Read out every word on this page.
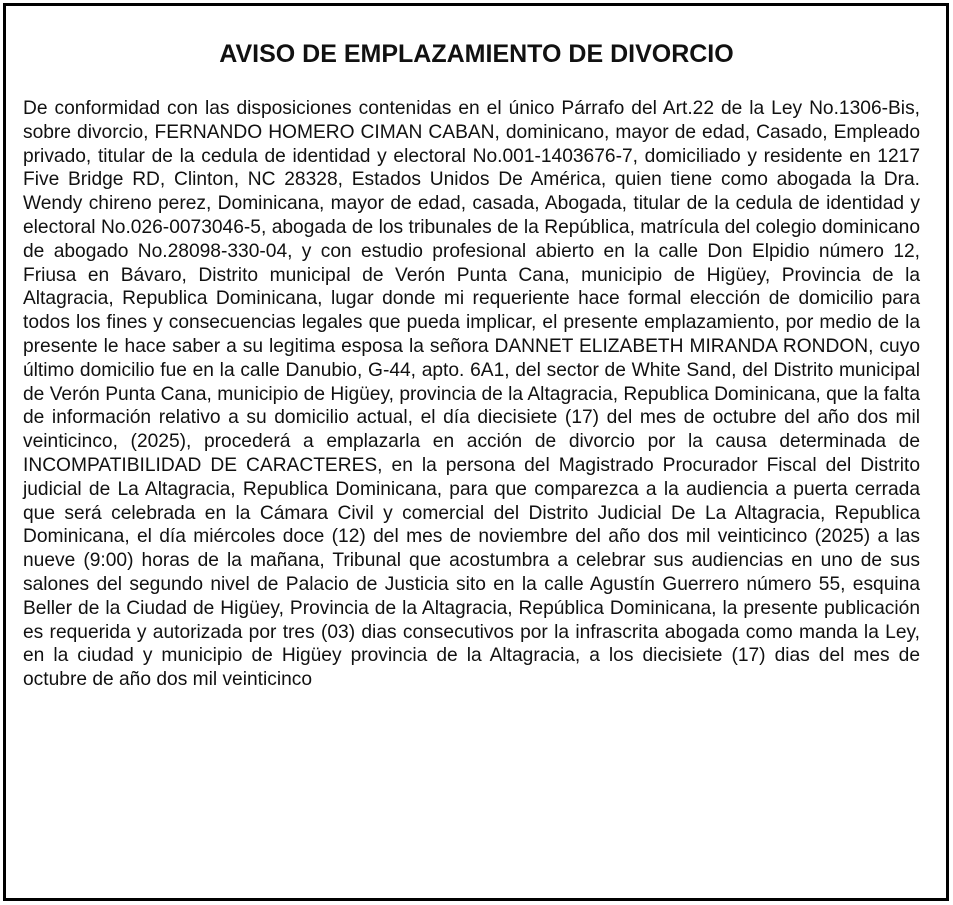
AVISO DE EMPLAZAMIENTO DE DIVORCIO

De conformidad con las disposiciones contenidas en el único Párrafo del Art.22 de la Ley No.1306-Bis, sobre divorcio, FERNANDO HOMERO CIMAN CABAN, dominicano, mayor de edad, Casado, Empleado privado, titular de la cedula de identidad y electoral No.001-1403676-7, domiciliado y residente en 1217 Five Bridge RD, Clinton, NC 28328, Estados Unidos De América, quien tiene como abogada la Dra. Wendy chireno perez, Dominicana, mayor de edad, casada, Abogada, titular de la cedula de identidad y electoral No.026-0073046-5, abogada de los tribunales de la República, matrícula del colegio dominicano de abogado No.28098-330-04, y con estudio profesional abierto en la calle Don Elpidio número 12, Friusa en Bávaro, Distrito municipal de Verón Punta Cana, municipio de Higüey, Provincia de la Altagracia, Republica Dominicana, lugar donde mi requeriente hace formal elección de domicilio para todos los fines y consecuencias legales que pueda implicar, el presente emplazamiento, por medio de la presente le hace saber a su legitima esposa la señora DANNET ELIZABETH MIRANDA RONDON, cuyo último domicilio fue en la calle Danubio, G-44, apto. 6A1, del sector de White Sand, del Distrito municipal de Verón Punta Cana, municipio de Higüey, provincia de la Altagracia, Republica Dominicana, que la falta de información relativo a su domicilio actual, el día diecisiete (17) del mes de octubre del año dos mil veinticinco, (2025), procederá a emplazarla en acción de divorcio por la causa determinada de INCOMPATIBILIDAD DE CARACTERES, en la persona del Magistrado Procurador Fiscal del Distrito judicial de La Altagracia, Republica Dominicana, para que comparezca a la audiencia a puerta cerrada que será celebrada en la Cámara Civil y comercial del Distrito Judicial De La Altagracia, Republica Dominicana, el día miércoles doce (12) del mes de noviembre del año dos mil veinticinco (2025) a las nueve (9:00) horas de la mañana, Tribunal que acostumbra a celebrar sus audiencias en uno de sus salones del segundo nivel de Palacio de Justicia sito en la calle Agustín Guerrero número 55, esquina Beller de la Ciudad de Higüey, Provincia de la Altagracia, República Dominicana, la presente publicación es requerida y autorizada por tres (03) dias consecutivos por la infrascrita abogada como manda la Ley, en la ciudad y municipio de Higüey provincia de la Altagracia, a los diecisiete (17) dias del mes de octubre de año dos mil veinticinco
